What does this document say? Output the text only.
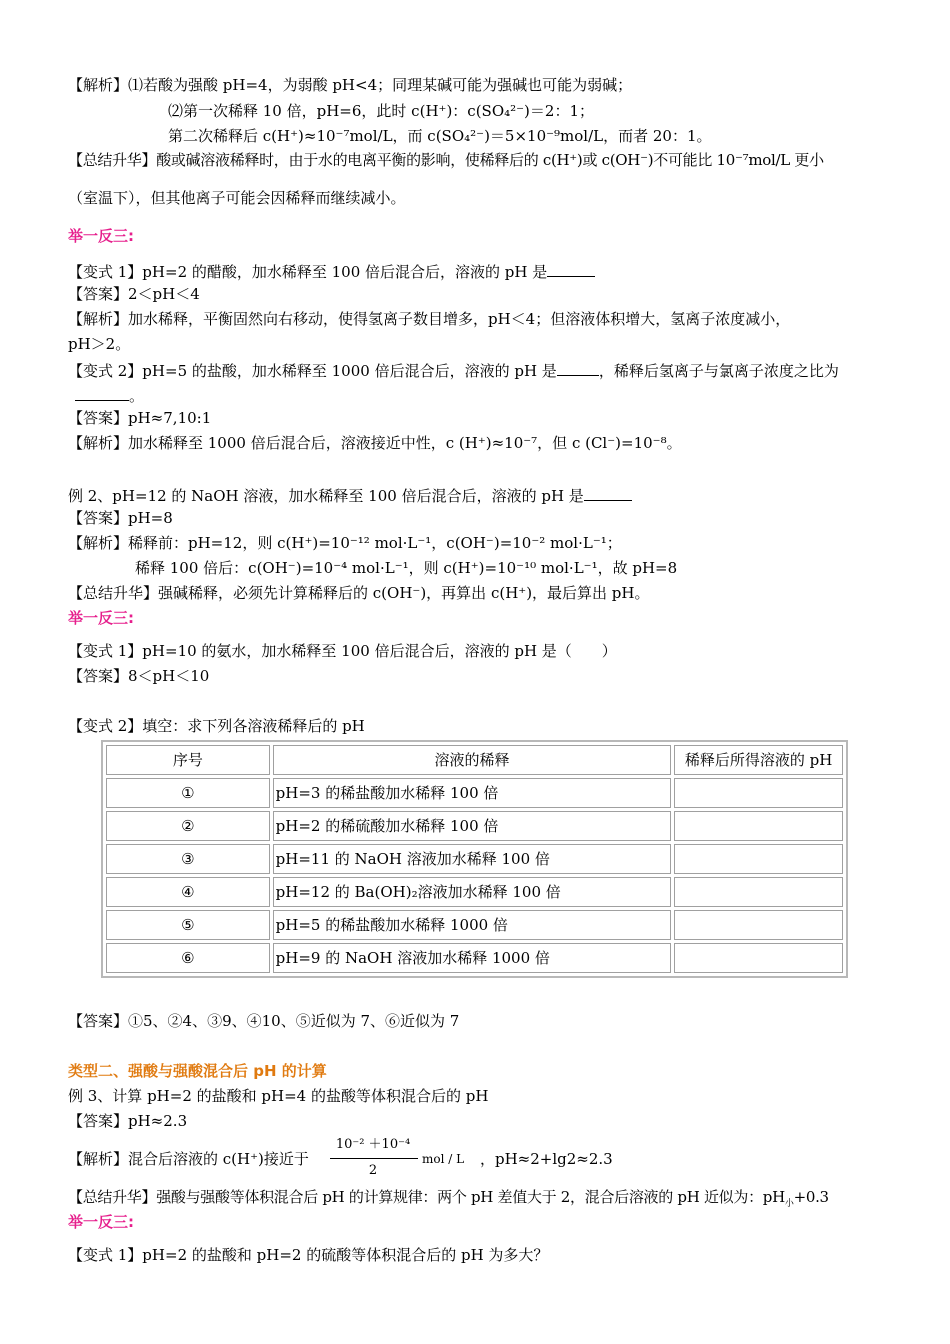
【解析】⑴若酸为强酸 pH=4，为弱酸 pH<4；同理某碱可能为强碱也可能为弱碱；
⑵第一次稀释 10 倍，pH=6，此时 c(H⁺)：c(SO₄²⁻)＝2：1；
第二次稀释后 c(H⁺)≈10⁻⁷mol/L，而 c(SO₄²⁻)＝5×10⁻⁹mol/L，而者 20：1。
【总结升华】酸或碱溶液稀释时，由于水的电离平衡的影响，使稀释后的 c(H⁺)或 c(OH⁻)不可能比 10⁻⁷mol/L 更小
（室温下），但其他离子可能会因稀释而继续减小。
举一反三:
【变式 1】pH=2 的醋酸，加水稀释至 100 倍后混合后，溶液的 pH 是
【答案】2＜pH＜4
【解析】加水稀释，平衡固然向右移动，使得氢离子数目增多，pH＜4；但溶液体积增大，氢离子浓度减小，
pH＞2。
【变式 2】pH=5 的盐酸，加水稀释至 1000 倍后混合后，溶液的 pH 是	，稀释后氢离子与氯离子浓度之比为
。
【答案】pH≈7,10:1
【解析】加水稀释至 1000 倍后混合后，溶液接近中性，c (H⁺)≈10⁻⁷，但 c (Cl⁻)=10⁻⁸。
例 2、pH=12 的 NaOH 溶液，加水稀释至 100 倍后混合后，溶液的 pH 是
【答案】pH=8
【解析】稀释前：pH=12，则 c(H⁺)=10⁻¹² mol·L⁻¹，c(OH⁻)=10⁻² mol·L⁻¹；
稀释 100 倍后：c(OH⁻)=10⁻⁴ mol·L⁻¹，则 c(H⁺)=10⁻¹⁰ mol·L⁻¹，故 pH=8
【总结升华】强碱稀释，必须先计算稀释后的 c(OH⁻)，再算出 c(H⁺)，最后算出 pH。
举一反三:
【变式 1】pH=10 的氨水，加水稀释至 100 倍后混合后，溶液的 pH 是（　　）
【答案】8＜pH＜10
【变式 2】填空：求下列各溶液稀释后的 pH
序号	溶液的稀释	稀释后所得溶液的 pH
①	pH=3 的稀盐酸加水稀释 100 倍	
②	pH=2 的稀硫酸加水稀释 100 倍	
③	pH=11 的 NaOH 溶液加水稀释 100 倍	
④	pH=12 的 Ba(OH)₂溶液加水稀释 100 倍	
⑤	pH=5 的稀盐酸加水稀释 1000 倍	
⑥	pH=9 的 NaOH 溶液加水稀释 1000 倍	
【答案】①5、②4、③9、④10、⑤近似为 7、⑥近似为 7
类型二、强酸与强酸混合后 pH 的计算
例 3、计算 pH=2 的盐酸和 pH=4 的盐酸等体积混合后的 pH
【答案】pH≈2.3
【解析】混合后溶液的 c(H⁺)接近于
10⁻² ＋10⁻⁴
2
mol / L ，pH≈2+lg2≈2.3
【总结升华】强酸与强酸等体积混合后 pH 的计算规律：两个 pH 差值大于 2，混合后溶液的 pH 近似为：$pH_小+0.3$
举一反三:
【变式 1】pH=2 的盐酸和 pH=2 的硫酸等体积混合后的 pH 为多大？
